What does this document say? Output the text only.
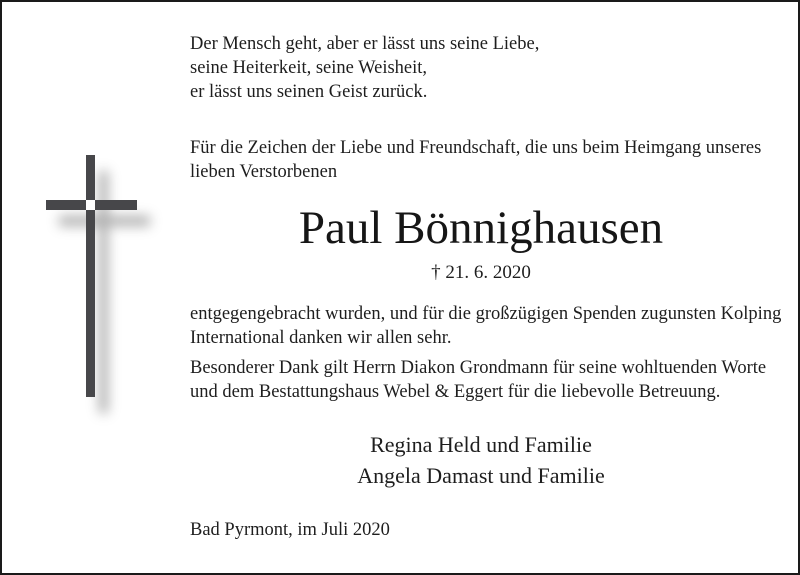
Der Mensch geht, aber er lässt uns seine Liebe,
seine Heiterkeit, seine Weisheit,
er lässt uns seinen Geist zurück.
Für die Zeichen der Liebe und Freundschaft, die uns beim Heimgang unseres
lieben Verstorbenen
Paul Bönnighausen
† 21. 6. 2020
entgegengebracht wurden, und für die großzügigen Spenden zugunsten Kolping
International danken wir allen sehr.
Besonderer Dank gilt Herrn Diakon Grondmann für seine wohltuenden Worte
und dem Bestattungshaus Webel & Eggert für die liebevolle Betreuung.
Regina Held und Familie
Angela Damast und Familie
Bad Pyrmont, im Juli 2020
